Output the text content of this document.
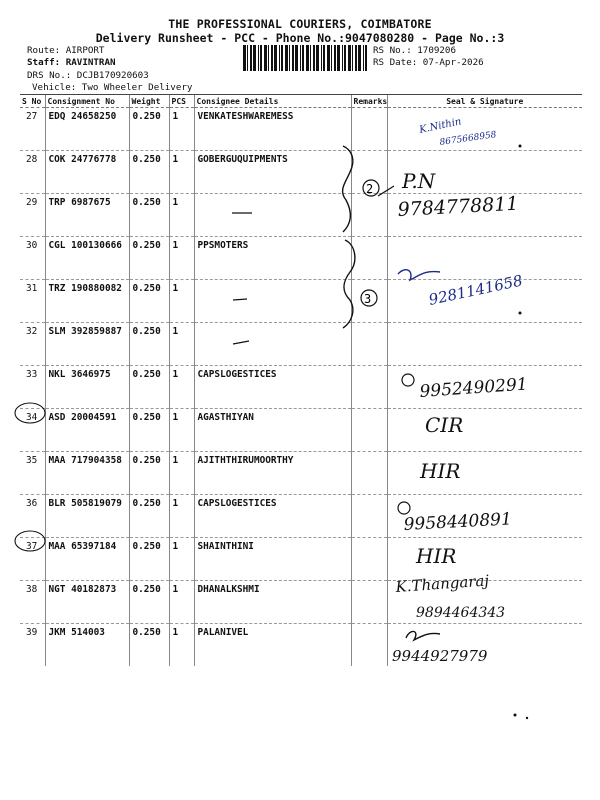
THE PROFESSIONAL COURIERS, COIMBATORE
Delivery Runsheet - PCC - Phone No.:9047080280 - Page No.:3
Route: AIRPORT
Staff: RAVINTRAN
DRS No.: DCJB170920603
Vehicle: Two Wheeler Delivery
RS No.: 1709206
RS Date: 07-Apr-2026
S No	Consignment No	Weight	PCS	Consignee Details	Remarks	Seal & Signature
27	EDQ 24658250	0.250	1	VENKATESHWAREMESS		
28	COK 24776778	0.250	1	GOBERGUQUIPMENTS		
29	TRP 6987675	0.250	1			
30	CGL 100130666	0.250	1	PPSMOTERS		
31	TRZ 190880082	0.250	1			
32	SLM 392859887	0.250	1			
33	NKL 3646975	0.250	1	CAPSLOGESTICES		
34	ASD 20004591	0.250	1	AGASTHIYAN		
35	MAA 717904358	0.250	1	AJITHTHIRUMOORTHY		
36	BLR 505819079	0.250	1	CAPSLOGESTICES		
37	MAA 65397184	0.250	1	SHAINTHINI		
38	NGT 40182873	0.250	1	DHANALKSHMI		
39	JKM 514003	0.250	1	PALANIVEL		
2
3
K.Nithin
8675668958
P.N
9784778811
9281141658
9952490291
CIR
HIR
9958440891
HIR
K.Thangaraj
9894464343
9944927979
